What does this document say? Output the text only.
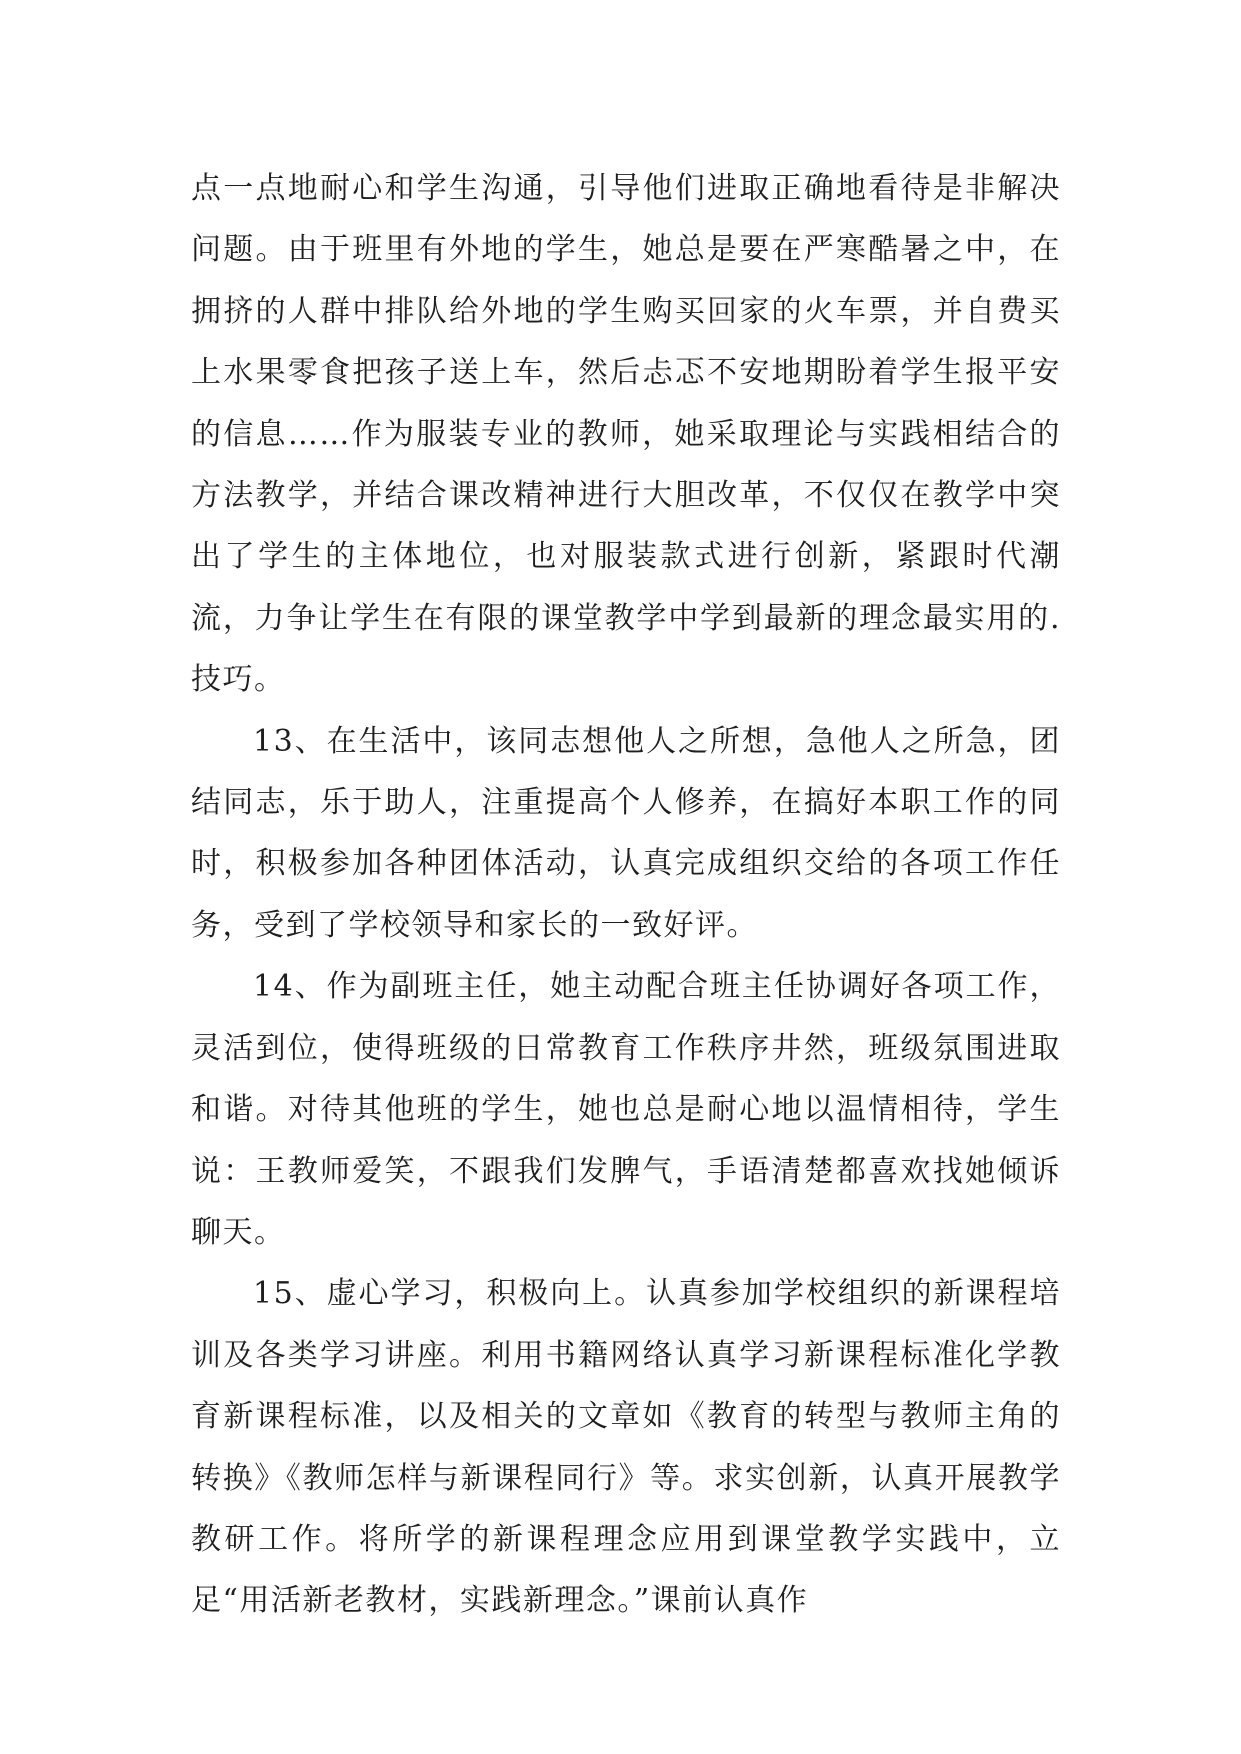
点一点地耐心和学生沟通，引导他们进取正确地看待是非解决问题。由于班里有外地的学生，她总是要在严寒酷暑之中，在拥挤的人群中排队给外地的学生购买回家的火车票，并自费买上水果零食把孩子送上车，然后忐忑不安地期盼着学生报平安的信息……作为服装专业的教师，她采取理论与实践相结合的方法教学，并结合课改精神进行大胆改革，不仅仅在教学中突出了学生的主体地位，也对服装款式进行创新，紧跟时代潮流，力争让学生在有限的课堂教学中学到最新的理念最实用的.技巧。

13、在生活中，该同志想他人之所想，急他人之所急，团结同志，乐于助人，注重提高个人修养，在搞好本职工作的同时，积极参加各种团体活动，认真完成组织交给的各项工作任务，受到了学校领导和家长的一致好评。

14、作为副班主任，她主动配合班主任协调好各项工作，灵活到位，使得班级的日常教育工作秩序井然，班级氛围进取和谐。对待其他班的学生，她也总是耐心地以温情相待，学生说：王教师爱笑，不跟我们发脾气，手语清楚都喜欢找她倾诉聊天。

15、虚心学习，积极向上。认真参加学校组织的新课程培训及各类学习讲座。利用书籍网络认真学习新课程标准化学教育新课程标准，以及相关的文章如《教育的转型与教师主角的转换》《教师怎样与新课程同行》等。求实创新，认真开展教学教研工作。将所学的新课程理念应用到课堂教学实践中，立足“用活新老教材，实践新理念。”课前认真作
